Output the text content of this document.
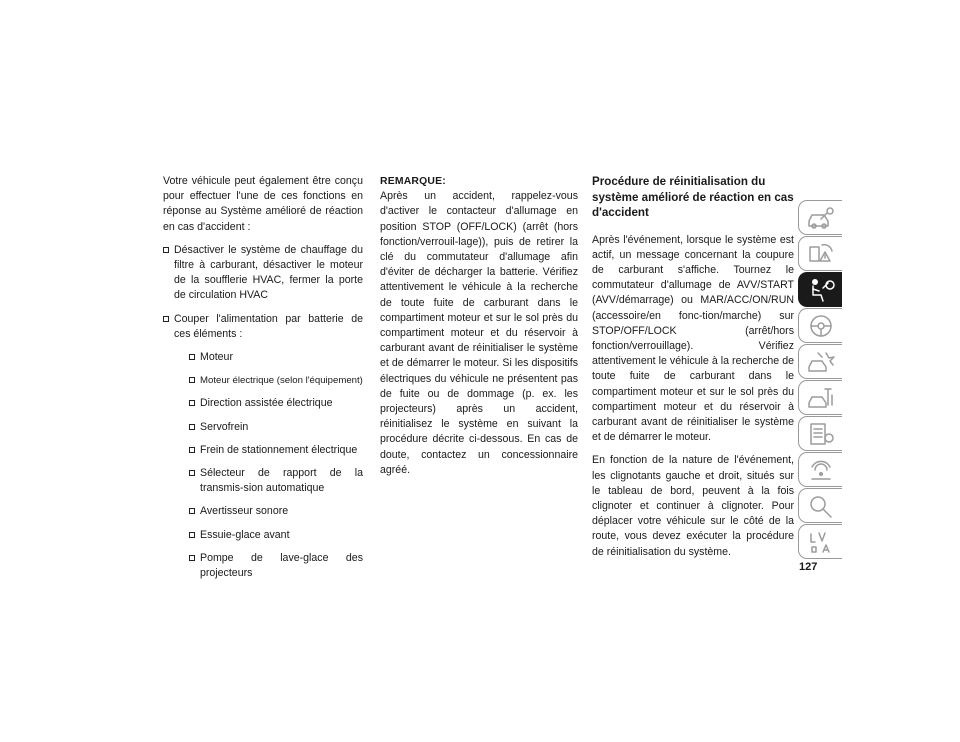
Votre véhicule peut également être conçu pour effectuer l'une de ces fonctions en réponse au Système amélioré de réaction en cas d'accident :

Désactiver le système de chauffage du filtre à carburant, désactiver le moteur de la soufflerie HVAC, fermer la porte de circulation HVAC
Couper l'alimentation par batterie de ces éléments :
Moteur
Moteur électrique (selon l'équipement)
Direction assistée électrique
Servofrein
Frein de stationnement électrique
Sélecteur de rapport de la transmis-sion automatique
Avertisseur sonore
Essuie-glace avant
Pompe de lave-glace des projecteurs
REMARQUE:

Après un accident, rappelez-vous d'activer le contacteur d'allumage en position STOP (OFF/LOCK) (arrêt (hors fonction/verrouil-lage)), puis de retirer la clé du commutateur d'allumage afin d'éviter de décharger la batterie. Vérifiez attentivement le véhicule à la recherche de toute fuite de carburant dans le compartiment moteur et sur le sol près du compartiment moteur et du réservoir à carburant avant de réinitialiser le système et de démarrer le moteur. Si les dispositifs électriques du véhicule ne présentent pas de fuite ou de dommage (p. ex. les projecteurs) après un accident, réinitialisez le système en suivant la procédure décrite ci-dessous. En cas de doute, contactez un concessionnaire agréé.

Procédure de réinitialisation du système amélioré de réaction en cas d'accident

Après l'événement, lorsque le système est actif, un message concernant la coupure de carburant s'affiche. Tournez le commutateur d'allumage de AVV/START (AVV/démarrage) ou MAR/ACC/ON/RUN (accessoire/en fonc-tion/marche) sur STOP/OFF/LOCK (arrêt/hors fonction/verrouillage). Vérifiez attentivement le véhicule à la recherche de toute fuite de carburant dans le compartiment moteur et sur le sol près du compartiment moteur et du réservoir à carburant avant de réinitialiser le système et de démarrer le moteur.

En fonction de la nature de l'événement, les clignotants gauche et droit, situés sur le tableau de bord, peuvent à la fois clignoter et continuer à clignoter. Pour déplacer votre véhicule sur le côté de la route, vous devez exécuter la procédure de réinitialisation du système.

127
